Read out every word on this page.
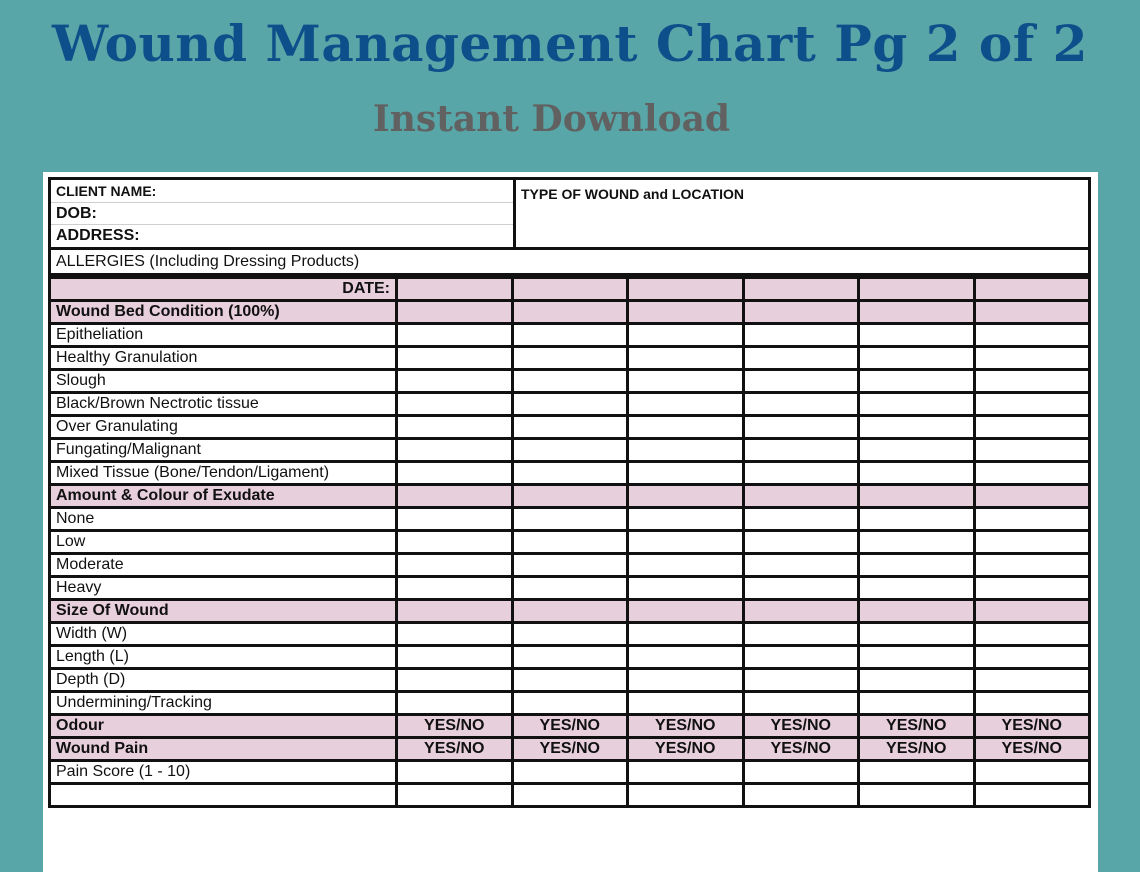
Wound Management Chart Pg 2 of 2
Instant Download
CLIENT NAME:
DOB:
ADDRESS:
TYPE OF WOUND and LOCATION
ALLERGIES (Including Dressing Products)
DATE:						
Wound Bed Condition (100%)						
Epitheliation						
Healthy Granulation						
Slough						
Black/Brown Nectrotic tissue						
Over Granulating						
Fungating/Malignant						
Mixed Tissue (Bone/Tendon/Ligament)						
Amount & Colour of Exudate						
None						
Low						
Moderate						
Heavy						
Size Of Wound						
Width (W)						
Length (L)						
Depth (D)						
Undermining/Tracking						
Odour	YES/NO	YES/NO	YES/NO	YES/NO	YES/NO	YES/NO
Wound Pain	YES/NO	YES/NO	YES/NO	YES/NO	YES/NO	YES/NO
Pain Score (1 - 10)						
